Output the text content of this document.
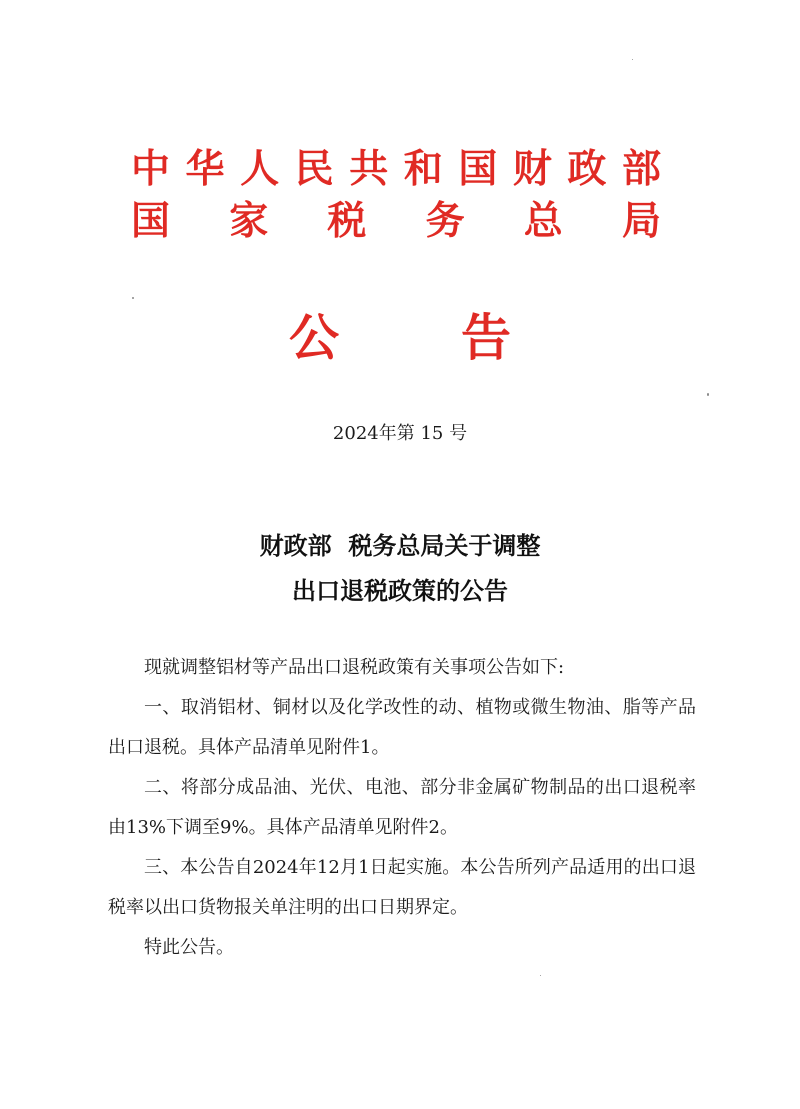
中华人民共和国财政部
国家税务总局
公 告
2024年第 15 号
财政部  税务总局关于调整
出口退税政策的公告

现就调整铝材等产品出口退税政策有关事项公告如下:

一、取消铝材、铜材以及化学改性的动、植物或微生物油、脂等产品出口退税。具体产品清单见附件1。

二、将部分成品油、光伏、电池、部分非金属矿物制品的出口退税率由13%下调至9%。具体产品清单见附件2。

三、本公告自2024年12月1日起实施。本公告所列产品适用的出口退税率以出口货物报关单注明的出口日期界定。

特此公告。
